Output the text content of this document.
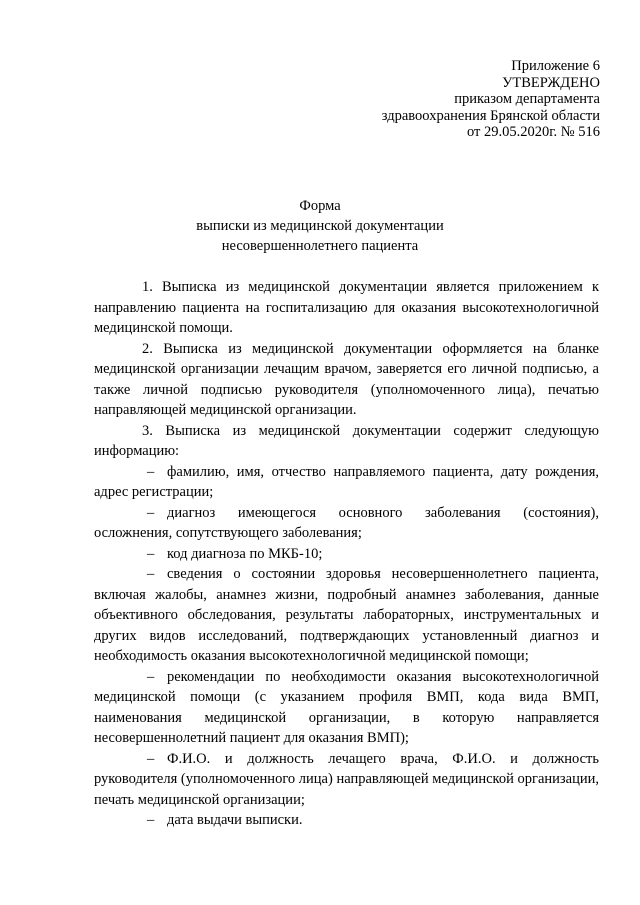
Приложение 6
УТВЕРЖДЕНО
приказом департамента
здравоохранения Брянской области
от 29.05.2020г. № 516
Форма
выписки из медицинской документации
несовершеннолетнего пациента

1. Выписка из медицинской документации является приложением к направлению пациента на госпитализацию для оказания высокотехнологичной медицинской помощи.

2. Выписка из медицинской документации оформляется на бланке медицинской организации лечащим врачом, заверяется его личной подписью, а также личной подписью руководителя (уполномоченного лица), печатью направляющей медицинской организации.

3. Выписка из медицинской документации содержит следующую информацию:

– фамилию, имя, отчество направляемого пациента, дату рождения, адрес регистрации;

– диагноз имеющегося основного заболевания (состояния), осложнения, сопутствующего заболевания;

– код диагноза по МКБ-10;

– сведения о состоянии здоровья несовершеннолетнего пациента, включая жалобы, анамнез жизни, подробный анамнез заболевания, данные объективного обследования, результаты лабораторных, инструментальных и других видов исследований, подтверждающих установленный диагноз и необходимость оказания высокотехнологичной медицинской помощи;

– рекомендации по необходимости оказания высокотехнологичной медицинской помощи (с указанием профиля ВМП, кода вида ВМП, наименования медицинской организации, в которую направляется несовершеннолетний пациент для оказания ВМП);

– Ф.И.О. и должность лечащего врача, Ф.И.О. и должность руководителя (уполномоченного лица) направляющей медицинской организации, печать медицинской организации;

– дата выдачи выписки.
